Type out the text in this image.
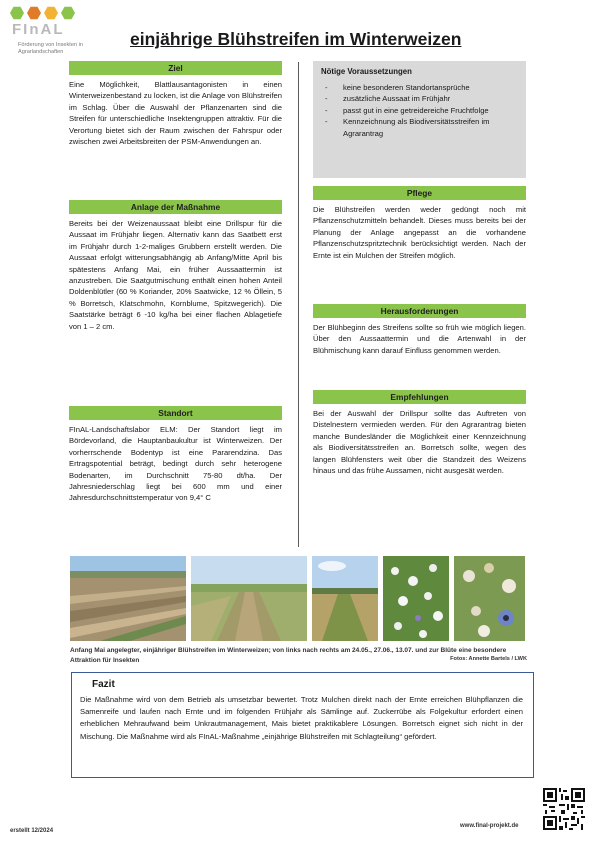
FInAL
Förderung von Insekten in Agrarlandschaften
einjährige Blühstreifen im Winterweizen
Ziel
Eine Möglichkeit, Blattlausantagonisten in einen Winterweizenbestand zu locken, ist die Anlage von Blühstreifen im Schlag. Über die Auswahl der Pflanzenarten sind die Streifen für unterschiedliche Insektengruppen attraktiv. Für die Verortung bietet sich der Raum zwischen der Fahrspur oder zwischen zwei Arbeitsbreiten der PSM-Anwendungen an.
Anlage der Maßnahme
Bereits bei der Weizenaussaat bleibt eine Drillspur für die Aussaat im Frühjahr liegen. Alternativ kann das Saatbett erst im Frühjahr durch 1-2-maliges Grubbern erstellt werden. Die Aussaat erfolgt witterungsabhängig ab Anfang/Mitte April bis spätestens Anfang Mai, ein früher Aussaattermin ist anzustreben. Die Saatgutmischung enthält einen hohen Anteil Doldenblütler (60 % Koriander, 20% Saatwicke, 12 % Öllein, 5 % Borretsch, Klatschmohn, Kornblume, Spitzwegerich). Die Saatstärke beträgt 6 -10 kg/ha bei einer flachen Ablagetiefe von 1 – 2 cm.
Standort
FInAL-Landschaftslabor ELM: Der Standort liegt im Bördevorland, die Hauptanbaukultur ist Winterweizen. Der vorherrschende Bodentyp ist eine Pararendzina. Das Ertragspotential beträgt, bedingt durch sehr heterogene Bodenarten, im Durchschnitt 75-80 dt/ha. Der Jahresniederschlag liegt bei 600 mm und einer Jahresdurchschnittstemperatur von 9,4° C
Nötige Voraussetzungen
- keine besonderen Standortansprüche
- zusätzliche Aussaat im Frühjahr
- passt gut in eine getreidereiche Fruchtfolge
- Kennzeichnung als Biodiversitätsstreifen im Agrarantrag
Pflege
Die Blühstreifen werden weder gedüngt noch mit Pflanzenschutzmitteln behandelt. Dieses muss bereits bei der Planung der Anlage angepasst an die vorhandene Pflanzenschutzspritztechnik berücksichtigt werden. Nach der Ernte ist ein Mulchen der Streifen möglich.
Herausforderungen
Der Blühbeginn des Streifens sollte so früh wie möglich liegen. Über den Aussaattermin und die Artenwahl in der Blühmischung kann darauf Einfluss genommen werden.
Empfehlungen
Bei der Auswahl der Drillspur sollte das Auftreten von Distelnestern vermieden werden. Für den Agrarantrag bieten manche Bundesländer die Möglichkeit einer Kennzeichnung als Biodiversitätsstreifen an. Borretsch sollte, wegen des langen Blühfensters weit über die Standzeit des Weizens hinaus und das frühe Aussamen, nicht ausgesät werden.
Anfang Mai angelegter, einjähriger Blühstreifen im Winterweizen; von links nach rechts am 24.05., 27.06., 13.07. und zur Blüte eine besondere Attraktion für Insekten	Fotos: Annette Bartels / LWK
Fazit
Die Maßnahme wird von dem Betrieb als umsetzbar bewertet. Trotz Mulchen direkt nach der Ernte erreichen Blühpflanzen die Samenreife und laufen nach Ernte und im folgenden Frühjahr als Sämlinge auf. Zuckerrübe als Folgekultur erfordert einen erheblichen Mehraufwand beim Unkrautmanagement, Mais bietet praktikablere Lösungen. Borretsch eignet sich nicht in der Mischung. Die Maßnahme wird als FInAL-Maßnahme „einjährige Blühstreifen mit Schlagteilung“ gefördert.
erstellt 12/2024
www.final-projekt.de
